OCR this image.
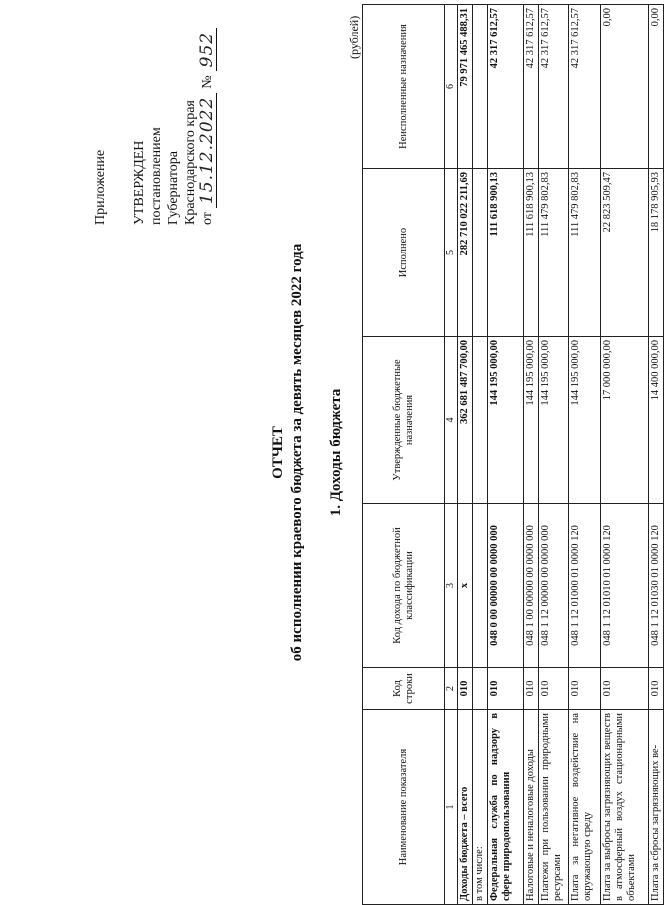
Приложение УТВЕРЖДЕН постановлением Губернатора Краснодарского края от
15.12.2022
№
952
ОТЧЕТ об исполнении краевого бюджета за девять месяцев 2022 года 1. Доходы бюджета
(рублей)
Наименование показателя	Код строки	Код дохода по бюджетной классификации	Утвержденные бюджетные назначения	Исполнено	Неисполненные назначения
1	2	3	4	5	6
Доходы бюджета – всего	010	х	362 681 487 700,00	282 710 022 211,69	79 971 465 488,31
в том числе:					
Федеральная служба по надзору в сфере природопользования	010	048 0 00 00000 00 0000 000	144 195 000,00	111 618 900,13	42 317 612,57
Налоговые и неналоговые доходы	010	048 1 00 00000 00 0000 000	144 195 000,00	111 618 900,13	42 317 612,57
Платежи при пользовании природными ресурсами	010	048 1 12 00000 00 0000 000	144 195 000,00	111 479 802,83	42 317 612,57
Плата за негативное воздействие на окружающую среду	010	048 1 12 01000 01 0000 120	144 195 000,00	111 479 802,83	42 317 612,57
Плата за выбросы загрязняющих веществ в атмосферный воздух стационарными объектами	010	048 1 12 01010 01 0000 120	17 000 000,00	22 823 509,47	0,00
Плата за сбросы загрязняющих ве-	010	048 1 12 01030 01 0000 120	14 400 000,00	18 178 905,93	0,00
